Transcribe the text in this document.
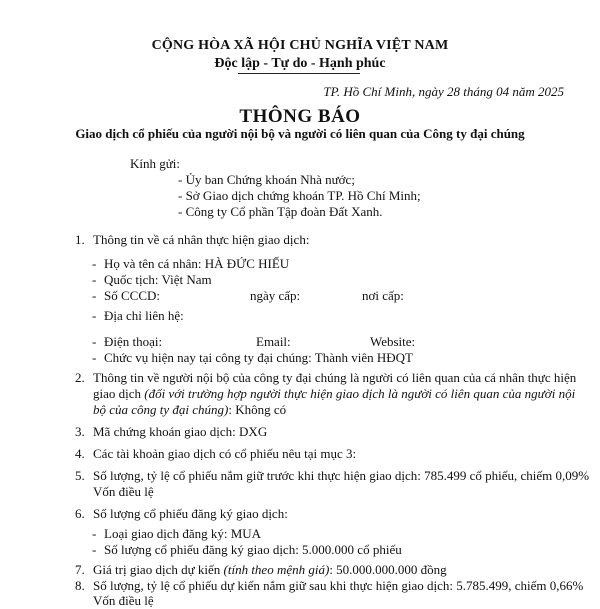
CỘNG HÒA XÃ HỘI CHỦ NGHĨA VIỆT NAM
Độc lập - Tự do - Hạnh phúc
TP. Hồ Chí Minh, ngày 28 tháng 04 năm 2025
THÔNG BÁO
Giao dịch cổ phiếu của người nội bộ và người có liên quan của Công ty đại chúng
Kính gửi:
- Ủy ban Chứng khoán Nhà nước;
- Sở Giao dịch chứng khoán TP. Hồ Chí Minh;
- Công ty Cổ phần Tập đoàn Đất Xanh.
1. Thông tin về cá nhân thực hiện giao dịch:
- Họ và tên cá nhân: HÀ ĐỨC HIẾU
- Quốc tịch: Việt Nam
- Số CCCD:	ngày cấp:	nơi cấp:
- Địa chỉ liên hệ:
- Điện thoại:	Email:	Website:
- Chức vụ hiện nay tại công ty đại chúng: Thành viên HĐQT
2. Thông tin về người nội bộ của công ty đại chúng là người có liên quan của cá nhân thực hiện
giao dịch (đối với trường hợp người thực hiện giao dịch là người có liên quan của người nội
bộ của công ty đại chúng): Không có
3. Mã chứng khoán giao dịch: DXG
4. Các tài khoản giao dịch có cổ phiếu nêu tại mục 3:
5. Số lượng, tỷ lệ cổ phiếu nắm giữ trước khi thực hiện giao dịch: 785.499 cổ phiếu, chiếm 0,09%
Vốn điều lệ
6. Số lượng cổ phiếu đăng ký giao dịch:
- Loại giao dịch đăng ký: MUA
- Số lượng cổ phiếu đăng ký giao dịch: 5.000.000 cổ phiếu
7. Giá trị giao dịch dự kiến (tính theo mệnh giá): 50.000.000.000 đồng
8. Số lượng, tỷ lệ cổ phiếu dự kiến nắm giữ sau khi thực hiện giao dịch: 5.785.499, chiếm 0,66%
Vốn điều lệ
